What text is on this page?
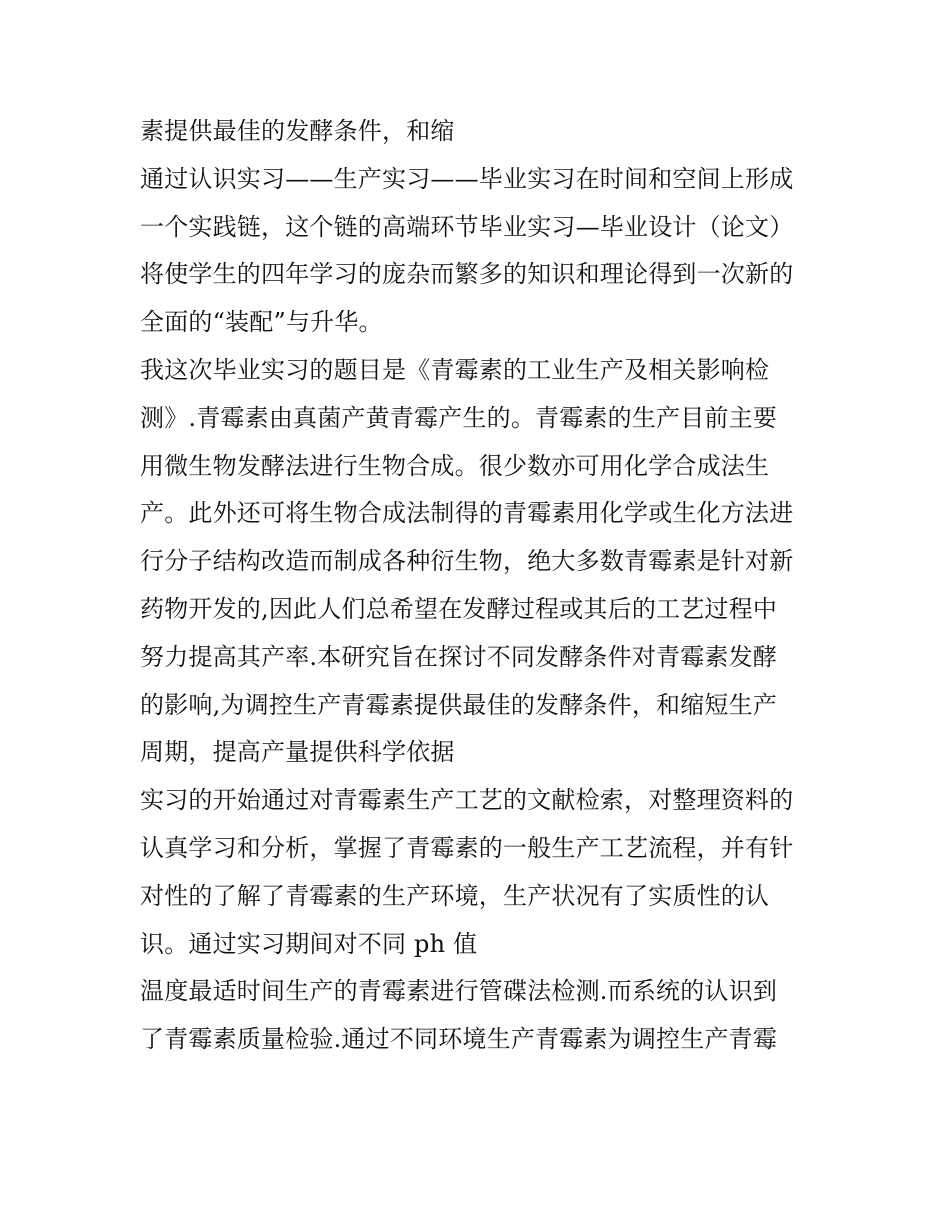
素提供最佳的发酵条件，和缩
通过认识实习——生产实习——毕业实习在时间和空间上形成
一个实践链，这个链的高端环节毕业实习—毕业设计（论文）
将使学生的四年学习的庞杂而繁多的知识和理论得到一次新的
全面的“装配”与升华。
我这次毕业实习的题目是《青霉素的工业生产及相关影响检
测》.青霉素由真菌产黄青霉产生的。青霉素的生产目前主要
用微生物发酵法进行生物合成。很少数亦可用化学合成法生
产。此外还可将生物合成法制得的青霉素用化学或生化方法进
行分子结构改造而制成各种衍生物，绝大多数青霉素是针对新
药物开发的,因此人们总希望在发酵过程或其后的工艺过程中
努力提高其产率.本研究旨在探讨不同发酵条件对青霉素发酵
的影响,为调控生产青霉素提供最佳的发酵条件，和缩短生产
周期，提高产量提供科学依据
实习的开始通过对青霉素生产工艺的文献检索，对整理资料的
认真学习和分析，掌握了青霉素的一般生产工艺流程，并有针
对性的了解了青霉素的生产环境，生产状况有了实质性的认
识。通过实习期间对不同 ph 值
温度最适时间生产的青霉素进行管碟法检测.而系统的认识到
了青霉素质量检验.通过不同环境生产青霉素为调控生产青霉
